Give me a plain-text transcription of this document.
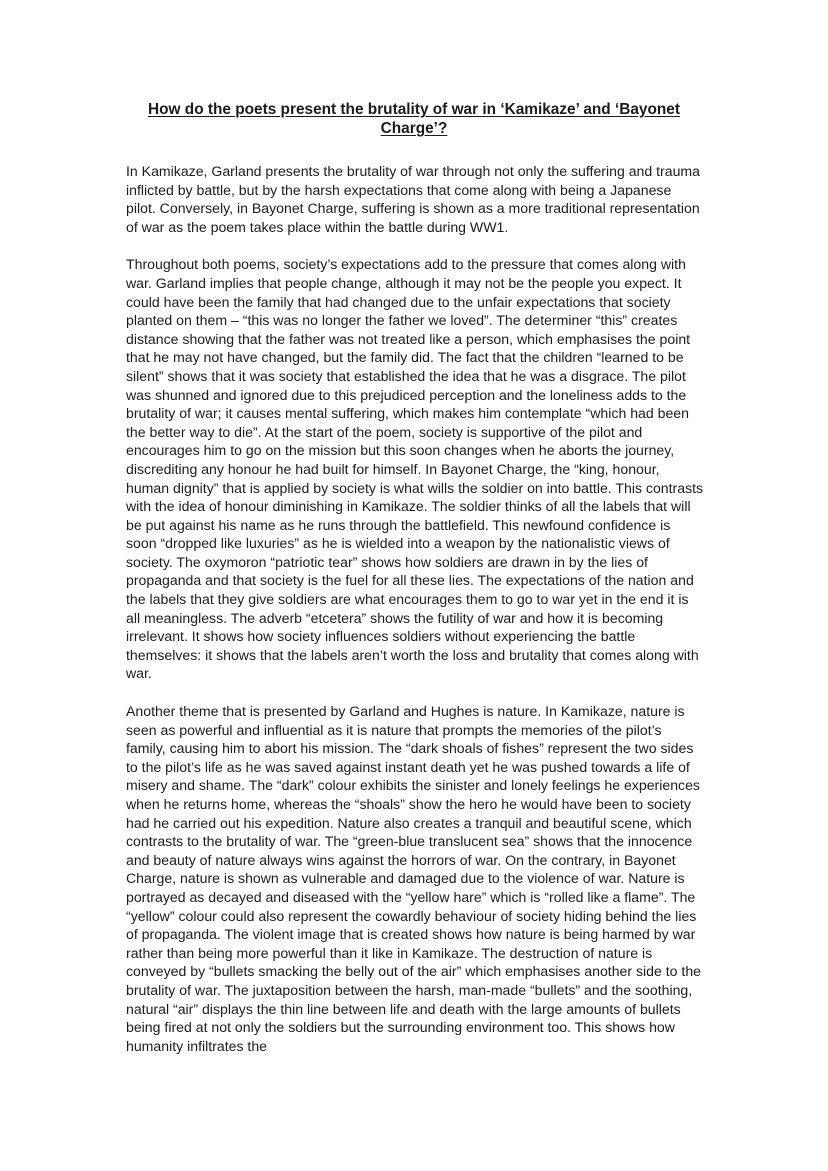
How do the poets present the brutality of war in ‘Kamikaze’ and ‘Bayonet Charge’?

In Kamikaze, Garland presents the brutality of war through not only the suffering and trauma inflicted by battle, but by the harsh expectations that come along with being a Japanese pilot. Conversely, in Bayonet Charge, suffering is shown as a more traditional representation of war as the poem takes place within the battle during WW1.

Throughout both poems, society’s expectations add to the pressure that comes along with war. Garland implies that people change, although it may not be the people you expect. It could have been the family that had changed due to the unfair expectations that society planted on them – “this was no longer the father we loved”. The determiner “this” creates distance showing that the father was not treated like a person, which emphasises the point that he may not have changed, but the family did. The fact that the children “learned to be silent” shows that it was society that established the idea that he was a disgrace. The pilot was shunned and ignored due to this prejudiced perception and the loneliness adds to the brutality of war; it causes mental suffering, which makes him contemplate “which had been the better way to die”. At the start of the poem, society is supportive of the pilot and encourages him to go on the mission but this soon changes when he aborts the journey, discrediting any honour he had built for himself. In Bayonet Charge, the “king, honour, human dignity” that is applied by society is what wills the soldier on into battle. This contrasts with the idea of honour diminishing in Kamikaze. The soldier thinks of all the labels that will be put against his name as he runs through the battlefield. This newfound confidence is soon “dropped like luxuries” as he is wielded into a weapon by the nationalistic views of society. The oxymoron “patriotic tear” shows how soldiers are drawn in by the lies of propaganda and that society is the fuel for all these lies. The expectations of the nation and the labels that they give soldiers are what encourages them to go to war yet in the end it is all meaningless. The adverb “etcetera” shows the futility of war and how it is becoming irrelevant. It shows how society influences soldiers without experiencing the battle themselves: it shows that the labels aren’t worth the loss and brutality that comes along with war.

Another theme that is presented by Garland and Hughes is nature. In Kamikaze, nature is seen as powerful and influential as it is nature that prompts the memories of the pilot’s family, causing him to abort his mission. The “dark shoals of fishes” represent the two sides to the pilot’s life as he was saved against instant death yet he was pushed towards a life of misery and shame. The “dark” colour exhibits the sinister and lonely feelings he experiences when he returns home, whereas the “shoals” show the hero he would have been to society had he carried out his expedition. Nature also creates a tranquil and beautiful scene, which contrasts to the brutality of war. The “green-blue translucent sea” shows that the innocence and beauty of nature always wins against the horrors of war. On the contrary, in Bayonet Charge, nature is shown as vulnerable and damaged due to the violence of war. Nature is portrayed as decayed and diseased with the “yellow hare” which is “rolled like a flame”. The “yellow” colour could also represent the cowardly behaviour of society hiding behind the lies of propaganda. The violent image that is created shows how nature is being harmed by war rather than being more powerful than it like in Kamikaze. The destruction of nature is conveyed by “bullets smacking the belly out of the air” which emphasises another side to the brutality of war. The juxtaposition between the harsh, man-made “bullets” and the soothing, natural “air” displays the thin line between life and death with the large amounts of bullets being fired at not only the soldiers but the surrounding environment too. This shows how humanity infiltrates the
